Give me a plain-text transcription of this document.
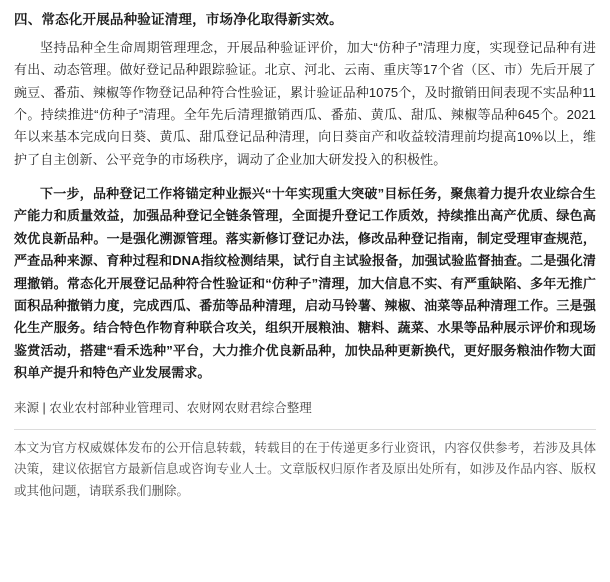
四、常态化开展品种验证清理，市场净化取得新实效。

坚持品种全生命周期管理理念，开展品种验证评价，加大“仿种子”清理力度，实现登记品种有进有出、动态管理。做好登记品种跟踪验证。北京、河北、云南、重庆等17个省（区、市）先后开展了豌豆、番茄、辣椒等作物登记品种符合性验证，累计验证品种1075个，及时撤销田间表现不实品种11个。持续推进“仿种子”清理。全年先后清理撤销西瓜、番茄、黄瓜、甜瓜、辣椒等品种645个。2021年以来基本完成向日葵、黄瓜、甜瓜登记品种清理，向日葵亩产和收益较清理前均提高10%以上，维护了自主创新、公平竞争的市场秩序，调动了企业加大研发投入的积极性。

下一步，品种登记工作将锚定种业振兴“十年实现重大突破”目标任务，聚焦着力提升农业综合生产能力和质量效益，加强品种登记全链条管理，全面提升登记工作质效，持续推出高产优质、绿色高效优良新品种。一是强化溯源管理。落实新修订登记办法，修改品种登记指南，制定受理审查规范，严查品种来源、育种过程和DNA指纹检测结果，试行自主试验报备，加强试验监督抽查。二是强化清理撤销。常态化开展登记品种符合性验证和“仿种子”清理，加大信息不实、有严重缺陷、多年无推广面积品种撤销力度，完成西瓜、番茄等品种清理，启动马铃薯、辣椒、油菜等品种清理工作。三是强化生产服务。结合特色作物育种联合攻关，组织开展粮油、糖料、蔬菜、水果等品种展示评价和现场鉴赏活动，搭建“看禾选种”平台，大力推介优良新品种，加快品种更新换代，更好服务粮油作物大面积单产提升和特色产业发展需求。

来源 | 农业农村部种业管理司、农财网农财君综合整理

本文为官方权威媒体发布的公开信息转载，转载目的在于传递更多行业资讯，内容仅供参考，若涉及具体决策，建议依据官方最新信息或咨询专业人士。文章版权归原作者及原出处所有，如涉及作品内容、版权或其他问题，请联系我们删除。
